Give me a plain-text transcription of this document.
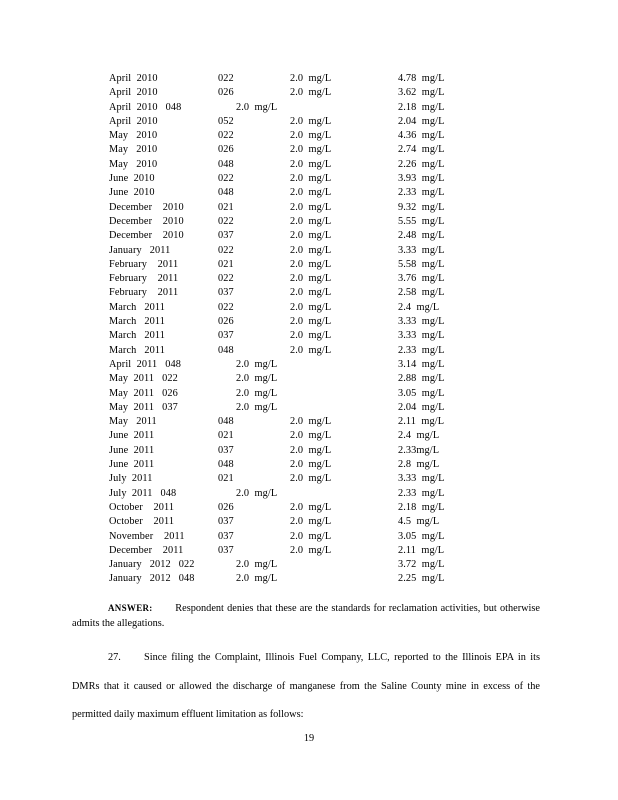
April  2010	022	2.0  mg/L	4.78  mg/L
April  2010	026	2.0  mg/L	3.62  mg/L
April  2010   048	2.0  mg/L	2.18  mg/L
April  2010	052	2.0  mg/L	2.04  mg/L
May   2010	022	2.0  mg/L	4.36  mg/L
May   2010	026	2.0  mg/L	2.74  mg/L
May   2010	048	2.0  mg/L	2.26  mg/L
June  2010	022	2.0  mg/L	3.93  mg/L
June  2010	048	2.0  mg/L	2.33  mg/L
December    2010	021	2.0  mg/L	9.32  mg/L
December    2010	022	2.0  mg/L	5.55  mg/L
December    2010	037	2.0  mg/L	2.48  mg/L
January   2011	022	2.0  mg/L	3.33  mg/L
February    2011	021	2.0  mg/L	5.58  mg/L
February    2011	022	2.0  mg/L	3.76  mg/L
February    2011	037	2.0  mg/L	2.58  mg/L
March   2011	022	2.0  mg/L	2.4  mg/L
March   2011	026	2.0  mg/L	3.33  mg/L
March   2011	037	2.0  mg/L	3.33  mg/L
March   2011	048	2.0  mg/L	2.33  mg/L
April  2011   048	2.0  mg/L	3.14  mg/L
May  2011   022	2.0  mg/L	2.88  mg/L
May  2011   026	2.0  mg/L	3.05  mg/L
May  2011   037	2.0  mg/L	2.04  mg/L
May   2011	048	2.0  mg/L	2.11  mg/L
June  2011	021	2.0  mg/L	2.4  mg/L
June  2011	037	2.0  mg/L	2.33mg/L
June  2011	048	2.0  mg/L	2.8  mg/L
July  2011	021	2.0  mg/L	3.33  mg/L
July  2011   048	2.0  mg/L	2.33  mg/L
October    2011	026	2.0  mg/L	2.18  mg/L
October    2011	037	2.0  mg/L	4.5  mg/L
November    2011	037	2.0  mg/L	3.05  mg/L
December    2011	037	2.0  mg/L	2.11  mg/L
January   2012   022	2.0  mg/L	3.72  mg/L
January   2012   048	2.0  mg/L	2.25  mg/L
ANSWER: Respondent denies that these are the standards for reclamation activities, but otherwise admits the allegations.
27. Since filing the Complaint, Illinois Fuel Company, LLC, reported to the Illinois EPA in its DMRs that it caused or allowed the discharge of manganese from the Saline County mine in excess of the permitted daily maximum effluent limitation as follows:
19
